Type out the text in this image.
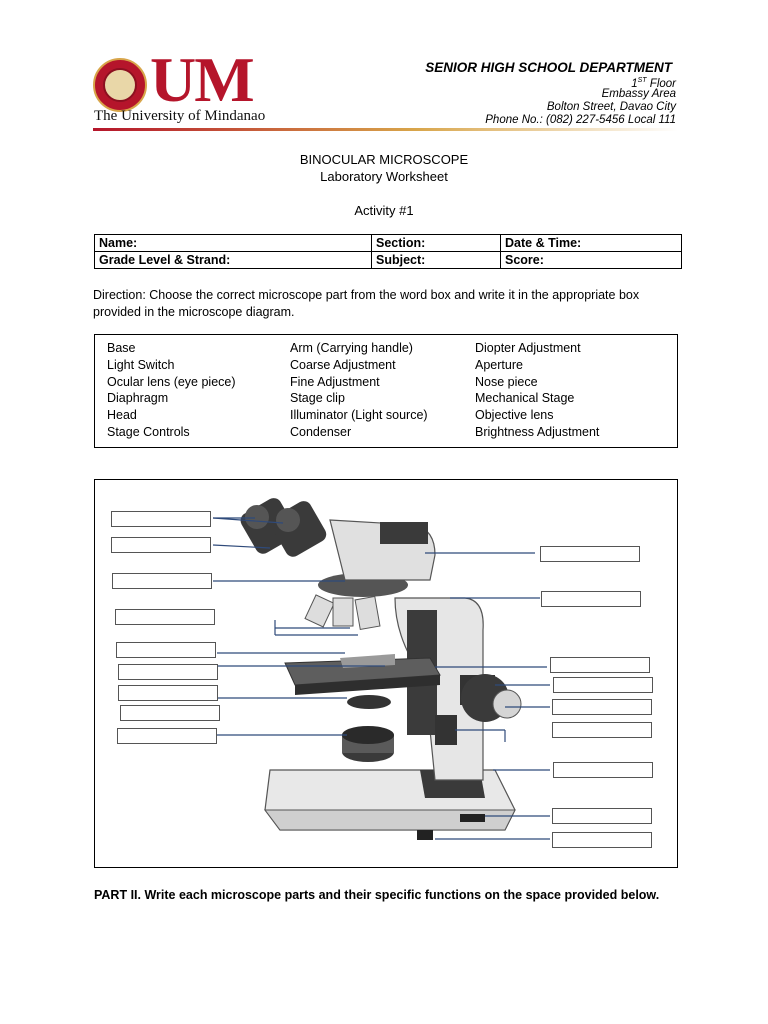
UM
The University of Mindanao
SENIOR HIGH SCHOOL DEPARTMENT
1ST Floor
Embassy Area
Bolton Street, Davao City
Phone No.: (082) 227-5456 Local 111
BINOCULAR MICROSCOPE
Laboratory Worksheet
Activity #1
Name:	Section:	Date & Time:
Grade Level & Strand:	Subject:	Score:
Direction: Choose the correct microscope part from the word box and write it in the appropriate box provided in the microscope diagram.
Base
Light Switch
Ocular lens (eye piece)
Diaphragm
Head
Stage Controls
Arm (Carrying handle)
Coarse Adjustment
Fine Adjustment
Stage clip
Illuminator (Light source)
Condenser
Diopter Adjustment
Aperture
Nose piece
Mechanical Stage
Objective lens
Brightness Adjustment
PART II. Write each microscope parts and their specific functions on the space provided below.
